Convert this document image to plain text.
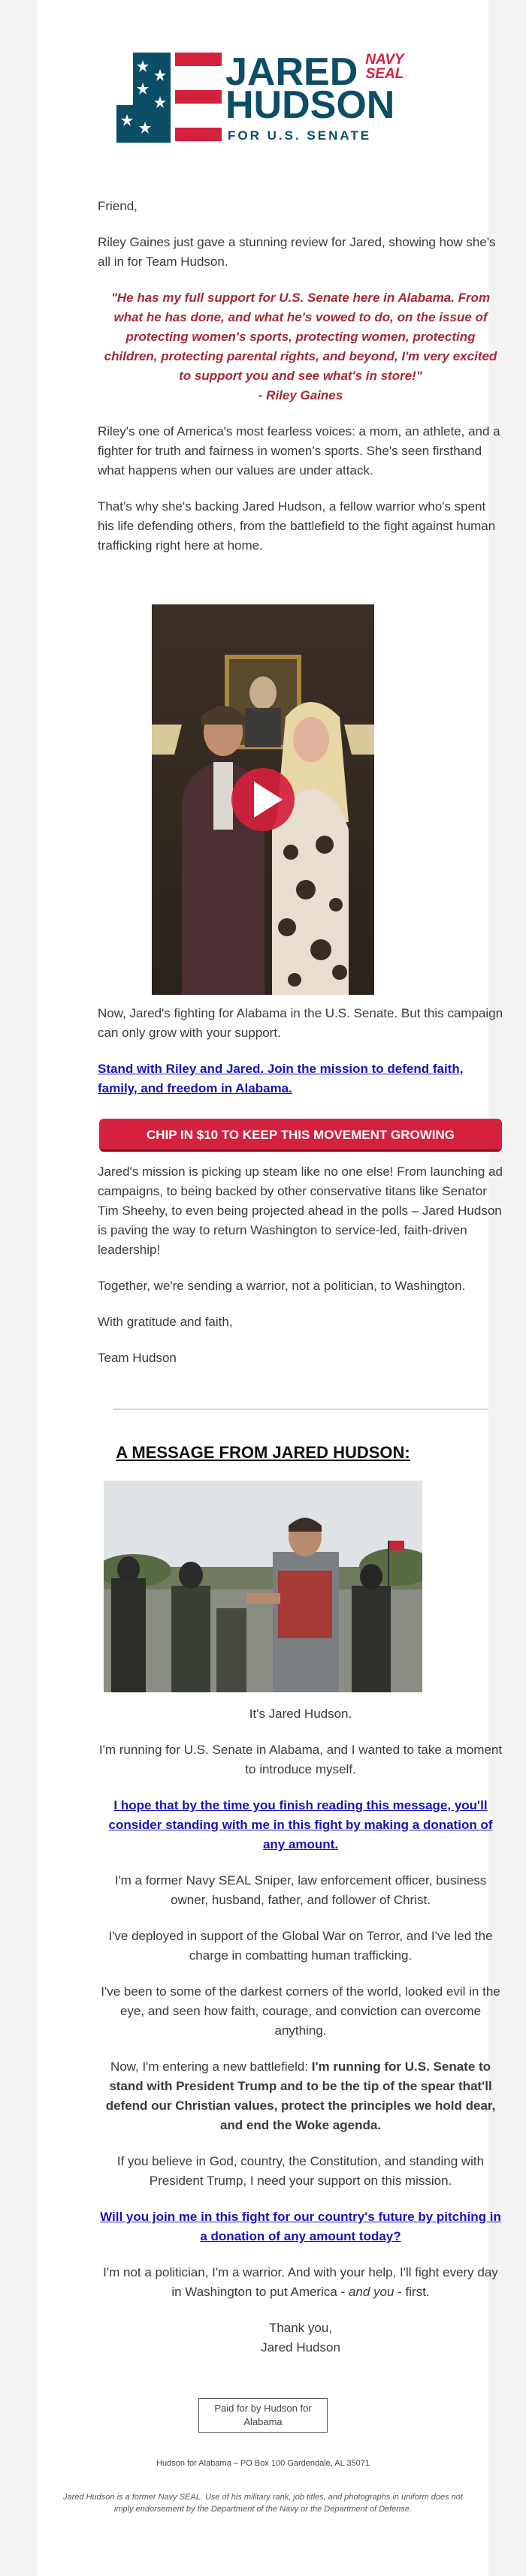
JARED NAVY
SEAL
HUDSON
FOR U.S. SENATE

Friend,

Riley Gaines just gave a stunning review for Jared, showing how she's all in for Team Hudson.

"He has my full support for U.S. Senate here in Alabama. From what he has done, and what he's vowed to do, on the issue of protecting women's sports, protecting women, protecting children, protecting parental rights, and beyond, I'm very excited to support you and see what's in store!"
- Riley Gaines

Riley's one of America's most fearless voices: a mom, an athlete, and a fighter for truth and fairness in women's sports. She's seen firsthand what happens when our values are under attack.

That's why she's backing Jared Hudson, a fellow warrior who's spent his life defending others, from the battlefield to the fight against human trafficking right here at home.

Now, Jared's fighting for Alabama in the U.S. Senate. But this campaign can only grow with your support.

Stand with Riley and Jared. Join the mission to defend faith, family, and freedom in Alabama.

CHIP IN $10 TO KEEP THIS MOVEMENT GROWING

Jared's mission is picking up steam like no one else! From launching ad campaigns, to being backed by other conservative titans like Senator Tim Sheehy, to even being projected ahead in the polls – Jared Hudson is paving the way to return Washington to service-led, faith-driven leadership!

Together, we're sending a warrior, not a politician, to Washington.

With gratitude and faith,

Team Hudson

A MESSAGE FROM JARED HUDSON:

It's Jared Hudson.

I'm running for U.S. Senate in Alabama, and I wanted to take a moment to introduce myself.

I hope that by the time you finish reading this message, you'll consider standing with me in this fight by making a donation of any amount.

I'm a former Navy SEAL Sniper, law enforcement officer, business owner, husband, father, and follower of Christ.

I've deployed in support of the Global War on Terror, and I've led the charge in combatting human trafficking.

I've been to some of the darkest corners of the world, looked evil in the eye, and seen how faith, courage, and conviction can overcome anything.

Now, I'm entering a new battlefield: I'm running for U.S. Senate to stand with President Trump and to be the tip of the spear that'll defend our Christian values, protect the principles we hold dear, and end the Woke agenda.

If you believe in God, country, the Constitution, and standing with President Trump, I need your support on this mission.

Will you join me in this fight for our country's future by pitching in a donation of any amount today?

I'm not a politician, I'm a warrior. And with your help, I'll fight every day in Washington to put America - and you - first.

Thank you,

Jared Hudson

Paid for by Hudson for Alabama
Hudson for Alabama – PO Box 100 Gardendale, AL 35071
Jared Hudson is a former Navy SEAL. Use of his military rank, job titles, and photographs in uniform does not imply endorsement by the Department of the Navy or the Department of Defense.
